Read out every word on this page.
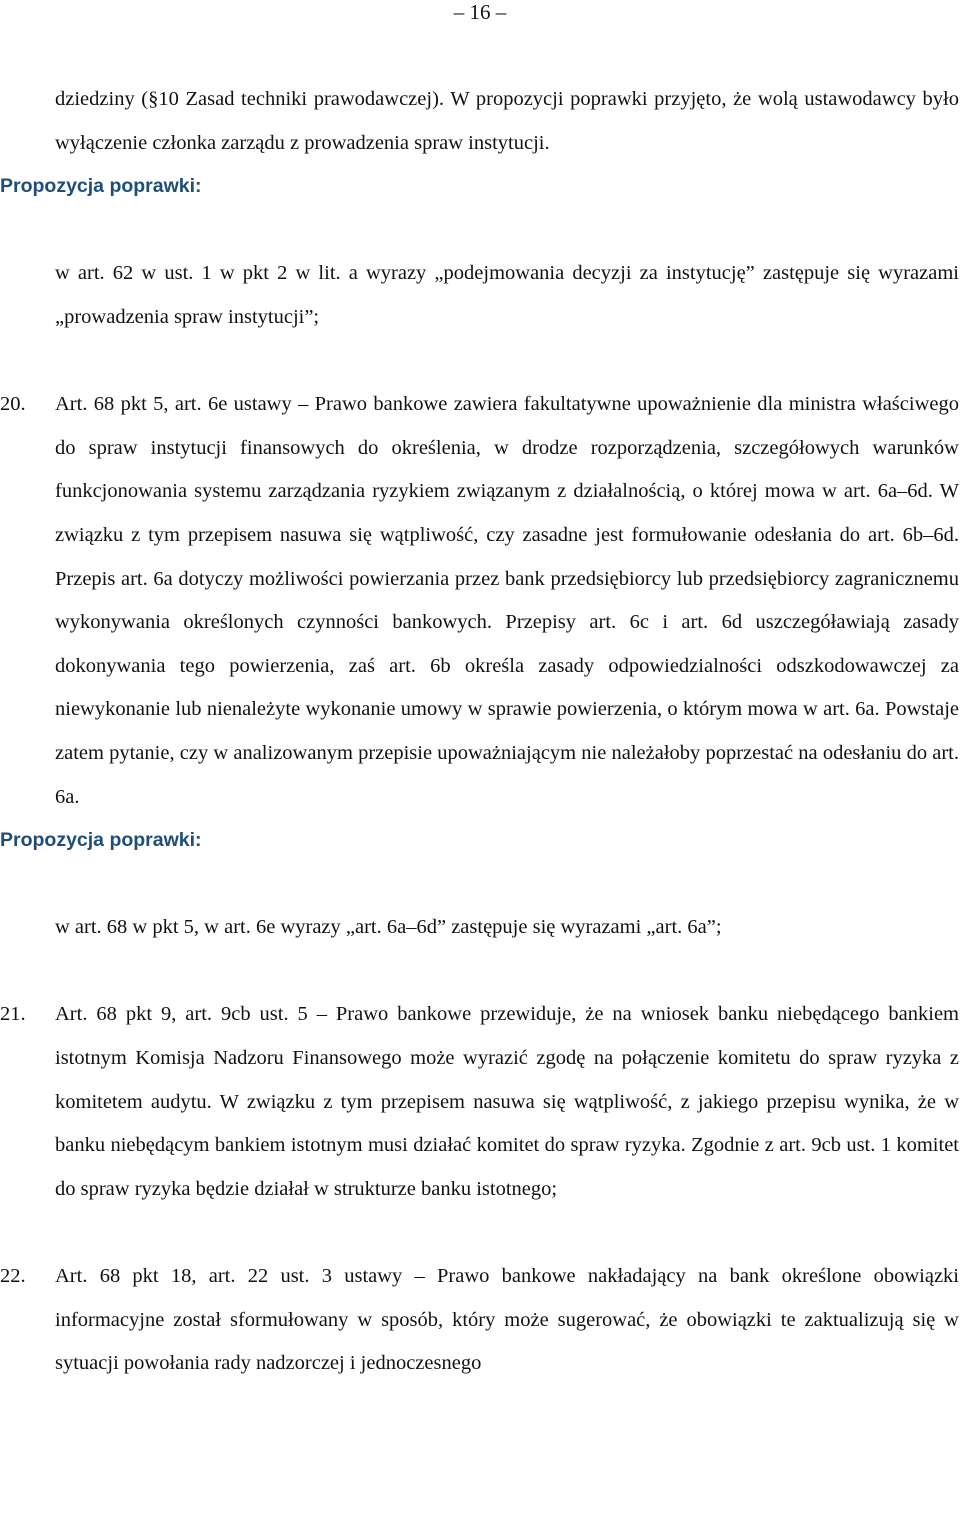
– 16 –

dziedziny (§10 Zasad techniki prawodawczej). W propozycji poprawki przyjęto, że wolą ustawodawcy było wyłączenie członka zarządu z prowadzenia spraw instytucji.

Propozycja poprawki:

w art. 62 w ust. 1 w pkt 2 w lit. a wyrazy „podejmowania decyzji za instytucję” zastępuje się wyrazami „prowadzenia spraw instytucji”;

20. Art. 68 pkt 5, art. 6e ustawy – Prawo bankowe zawiera fakultatywne upoważnienie dla ministra właściwego do spraw instytucji finansowych do określenia, w drodze rozporządzenia, szczegółowych warunków funkcjonowania systemu zarządzania ryzykiem związanym z działalnością, o której mowa w art. 6a–6d. W związku z tym przepisem nasuwa się wątpliwość, czy zasadne jest formułowanie odesłania do art. 6b–6d. Przepis art. 6a dotyczy możliwości powierzania przez bank przedsiębiorcy lub przedsiębiorcy zagranicznemu wykonywania określonych czynności bankowych. Przepisy art. 6c i art. 6d uszczegóławiają zasady dokonywania tego powierzenia, zaś art. 6b określa zasady odpowiedzialności odszkodowawczej za niewykonanie lub nienależyte wykonanie umowy w sprawie powierzenia, o którym mowa w art. 6a. Powstaje zatem pytanie, czy w analizowanym przepisie upoważniającym nie należałoby poprzestać na odesłaniu do art. 6a.

Propozycja poprawki:

w art. 68 w pkt 5, w art. 6e wyrazy „art. 6a–6d” zastępuje się wyrazami „art. 6a”;

21. Art. 68 pkt 9, art. 9cb ust. 5 – Prawo bankowe przewiduje, że na wniosek banku niebędącego bankiem istotnym Komisja Nadzoru Finansowego może wyrazić zgodę na połączenie komitetu do spraw ryzyka z komitetem audytu. W związku z tym przepisem nasuwa się wątpliwość, z jakiego przepisu wynika, że w banku niebędącym bankiem istotnym musi działać komitet do spraw ryzyka. Zgodnie z art. 9cb ust. 1 komitet do spraw ryzyka będzie działał w strukturze banku istotnego;

22. Art. 68 pkt 18, art. 22 ust. 3 ustawy – Prawo bankowe nakładający na bank określone obowiązki informacyjne został sformułowany w sposób, który może sugerować, że obowiązki te zaktualizują się w sytuacji powołania rady nadzorczej i jednoczesnego
